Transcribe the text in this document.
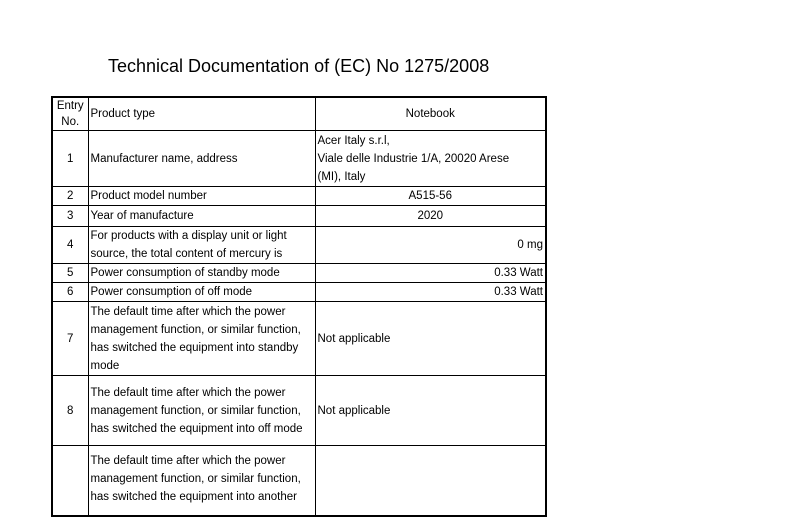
Technical Documentation of (EC) No 1275/2008
Entry
No.	Product type	Notebook
1	Manufacturer name, address	Acer Italy s.r.l,
Viale delle Industrie 1/A, 20020 Arese
(MI), Italy

2	Product model number	A515-56
3	Year of manufacture	2020
4	For products with a display unit or light
source, the total content of mercury is	0 mg
5	Power consumption of standby mode	0.33 Watt
6	Power consumption of off mode	0.33 Watt
7	The default time after which the power
management function, or similar function,
has switched the equipment into standby
mode	Not applicable
8	The default time after which the power
management function, or similar function,
has switched the equipment into off mode	Not applicable

	The default time after which the power
management function, or similar function,
has switched the equipment into another	
